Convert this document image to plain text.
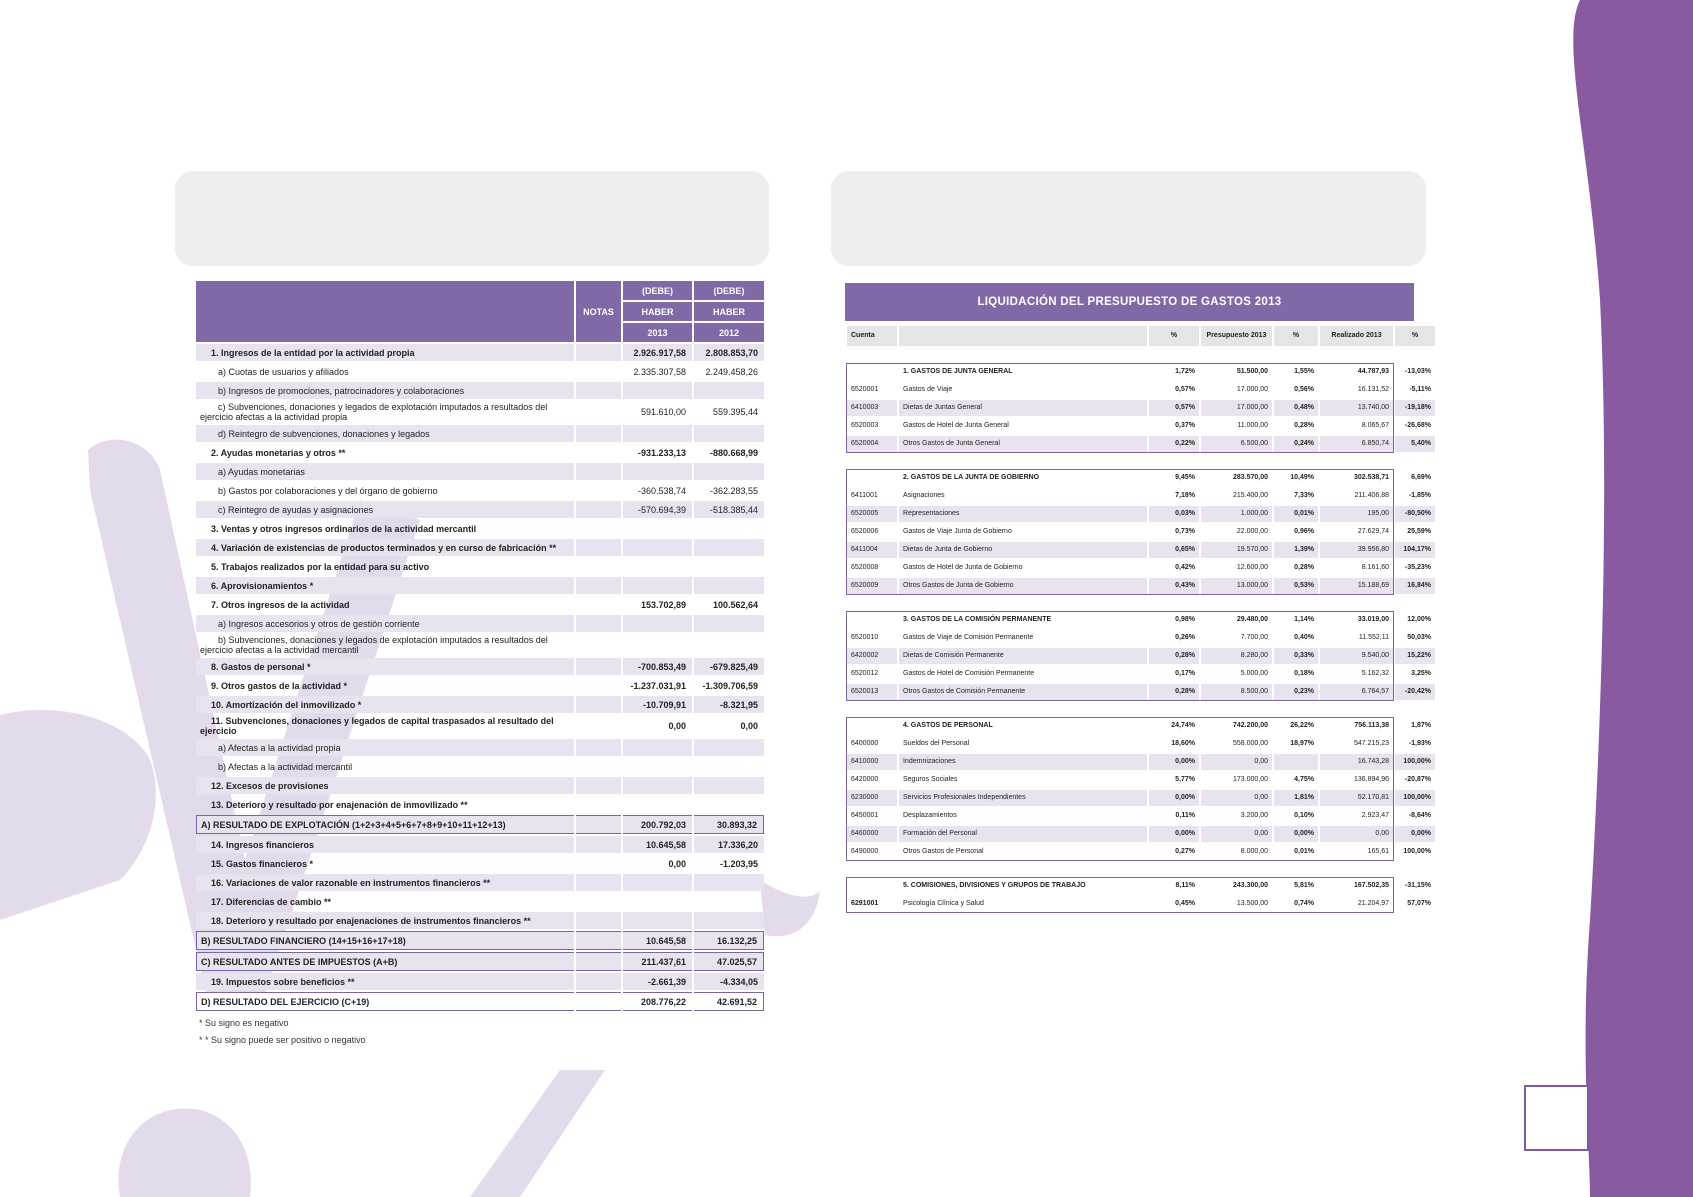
	NOTAS	(DEBE)	(DEBE)
		HABER	HABER
		2013	2012
1. Ingresos de la entidad por la actividad propia		2.926.917,58	2.808.853,70
a) Cuotas de usuarios y afiliados		2.335.307,58	2.249.458,26
b) Ingresos de promociones, patrocinadores y colaboraciones			
c) Subvenciones, donaciones y legados de explotación imputados a resultados del ejercicio afectas a la actividad propia		591.610,00	559.395,44
d) Reintegro de subvenciones, donaciones y legados			
2. Ayudas monetarias y otros **		-931.233,13	-880.668,99
a) Ayudas monetarias			
b) Gastos por colaboraciones y del órgano de gobierno		-360.538,74	-362.283,55
c) Reintegro de ayudas y asignaciones		-570.694,39	-518.385,44
3. Ventas y otros ingresos ordinarios de la actividad mercantil			
4. Variación de existencias de productos terminados y en curso de fabricación **			
5. Trabajos realizados por la entidad para su activo			
6. Aprovisionamientos *			
7. Otros ingresos de la actividad		153.702,89	100.562,64
a) Ingresos accesorios y otros de gestión corriente			
b) Subvenciones, donaciones y legados de explotación imputados a resultados del ejercicio afectas a la actividad mercantil			
8. Gastos de personal *		-700.853,49	-679.825,49
9. Otros gastos de la actividad *		-1.237.031,91	-1.309.706,59
10. Amortización del inmovilizado *		-10.709,91	-8.321,95
11. Subvenciones, donaciones y legados de capital traspasados al resultado del ejercicio		0,00	0,00
a) Afectas a la actividad propia			
b) Afectas a la actividad mercantil			
12. Excesos de provisiones			
13. Deterioro y resultado por enajenación de inmovilizado **			
A) RESULTADO DE EXPLOTACIÓN (1+2+3+4+5+6+7+8+9+10+11+12+13)		200.792,03	30.893,32
14. Ingresos financieros		10.645,58	17.336,20
15. Gastos financieros *		0,00	-1.203,95
16. Variaciones de valor razonable en instrumentos financieros **			
17. Diferencias de cambio **			
18. Deterioro y resultado por enajenaciones de instrumentos financieros **			
B) RESULTADO FINANCIERO (14+15+16+17+18)		10.645,58	16.132,25
C) RESULTADO ANTES DE IMPUESTOS (A+B)		211.437,61	47.025,57
19. Impuestos sobre beneficios **		-2.661,39	-4.334,05
D) RESULTADO DEL EJERCICIO (C+19)		208.776,22	42.691,52
* Su signo es negativo
* * Su signo puede ser positivo o negativo
LIQUIDACIÓN DEL PRESUPUESTO DE GASTOS 2013
Cuenta		%	Presupuesto 2013	%	Realizado 2013	%

	1. GASTOS DE JUNTA GENERAL	1,72%	51.500,00	1,55%	44.787,93	-13,03%
6520001	Gastos de Viaje	0,57%	17.000,00	0,56%	16.131,52	-5,11%
6410003	Dietas de Juntas General	0,57%	17.000,00	0,48%	13.740,00	-19,18%
6520003	Gastos de Hotel de Junta General	0,37%	11.000,00	0,28%	8.065,67	-26,68%
6520004	Otros Gastos de Junta General	0,22%	6.500,00	0,24%	6.850,74	5,40%

	2. GASTOS DE LA JUNTA DE GOBIERNO	9,45%	283.570,00	10,49%	302.538,71	6,69%
6411001	Asignaciones	7,18%	215.400,00	7,33%	211.406,88	-1,85%
6520005	Representaciones	0,03%	1.000,00	0,01%	195,00	-80,50%
6520006	Gastos de Viaje Junta de Gobierno	0,73%	22.000,00	0,96%	27.629,74	25,59%
6411004	Dietas de Junta de Gobierno	0,65%	19.570,00	1,39%	39.956,80	104,17%
6520008	Gastos de Hotel de Junta de Gobierno	0,42%	12.600,00	0,28%	8.161,60	-35,23%
6520009	Otros Gastos de Junta de Gobierno	0,43%	13.000,00	0,53%	15.188,69	16,84%

	3. GASTOS DE LA COMISIÓN PERMANENTE	0,98%	29.480,00	1,14%	33.019,00	12,00%
6520010	Gastos de Viaje de Comisión Permanente	0,26%	7.700,00	0,40%	11.552,11	50,03%
6420002	Dietas de Comisión Permanente	0,28%	8.280,00	0,33%	9.540,00	15,22%
6520012	Gastos de Hotel de Comisión Permanente	0,17%	5.000,00	0,18%	5.162,32	3,25%
6520013	Otros Gastos de Comisión Permanente	0,28%	8.500,00	0,23%	6.764,57	-20,42%

	4. GASTOS DE PERSONAL	24,74%	742.200,00	26,22%	756.113,38	1,87%
6400000	Sueldos del Personal	18,60%	558.000,00	18,97%	547.215,23	-1,93%
6410000	Indemnizaciones	0,00%	0,00		16.743,28	100,00%
6420000	Seguros Sociales	5,77%	173.000,00	4,75%	136.894,96	-20,87%
6230000	Servicios Profesionales Independientes	0,00%	0,00	1,81%	52.170,81	100,00%
6450001	Desplazamientos	0,11%	3.200,00	0,10%	2.923,47	-8,64%
6460000	Formación del Personal	0,00%	0,00	0,00%	0,00	0,00%
6490000	Otros Gastos de Personal	0,27%	8.000,00	0,01%	165,61	100,00%

	5. COMISIONES, DIVISIONES Y GRUPOS DE TRABAJO	8,11%	243.300,00	5,81%	167.502,35	-31,15%
6291001	Psicología Clínica y Salud	0,45%	13.500,00	0,74%	21.204,97	57,07%
